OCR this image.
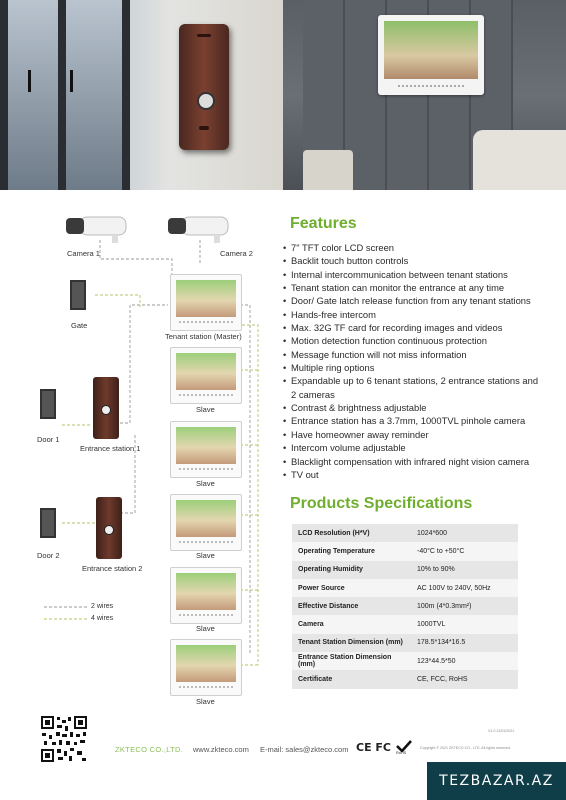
Camera 1	Camera 2
Gate
Door 1
Entrance station 1
Door 2
Entrance station 2
Tenant station (Master)
Slave
Slave
Slave
Slave
Slave
2 wires
4 wires
Features
• 7" TFT color LCD screen
• Backlit touch button controls
• Internal intercommunication between tenant stations
• Tenant station can monitor the entrance at any time
• Door/ Gate latch release function from any tenant stations
• Hands-free intercom
• Max. 32G TF card for recording images and videos
• Motion detection function continuous protection
• Message function will not miss information
• Multiple ring options
• Expandable up to 6 tenant stations, 2 entrance stations and
2 cameras
• Contrast & brightness adjustable
• Entrance station has a 3.7mm, 1000TVL pinhole camera
• Have homeowner away reminder
• Intercom volume adjustable
• Blacklight compensation with infrared night vision camera
• TV out
Products Specifications
LCD Resolution (H*V)	1024*600
Operating Temperature	-40°C to +50°C
Operating Humidity	10% to 90%
Power Source	AC 100V to 240V, 50Hz
Effective Distance	100m (4*0.3mm²)
Camera	1000TVL
Tenant Station Dimension (mm)	178.5*134*16.5
Entrance Station Dimension (mm)	123*44.5*50
Certificate	CE, FCC, RoHS
V1.0 12/01/2021
ZKTECO CO.,LTD. www.zkteco.com E-mail: sales@zkteco.com CE FC RoHS
Copyright © 2021 ZKTECO CO., LTD. All rights reserved.
TEZBAZAR.AZ
